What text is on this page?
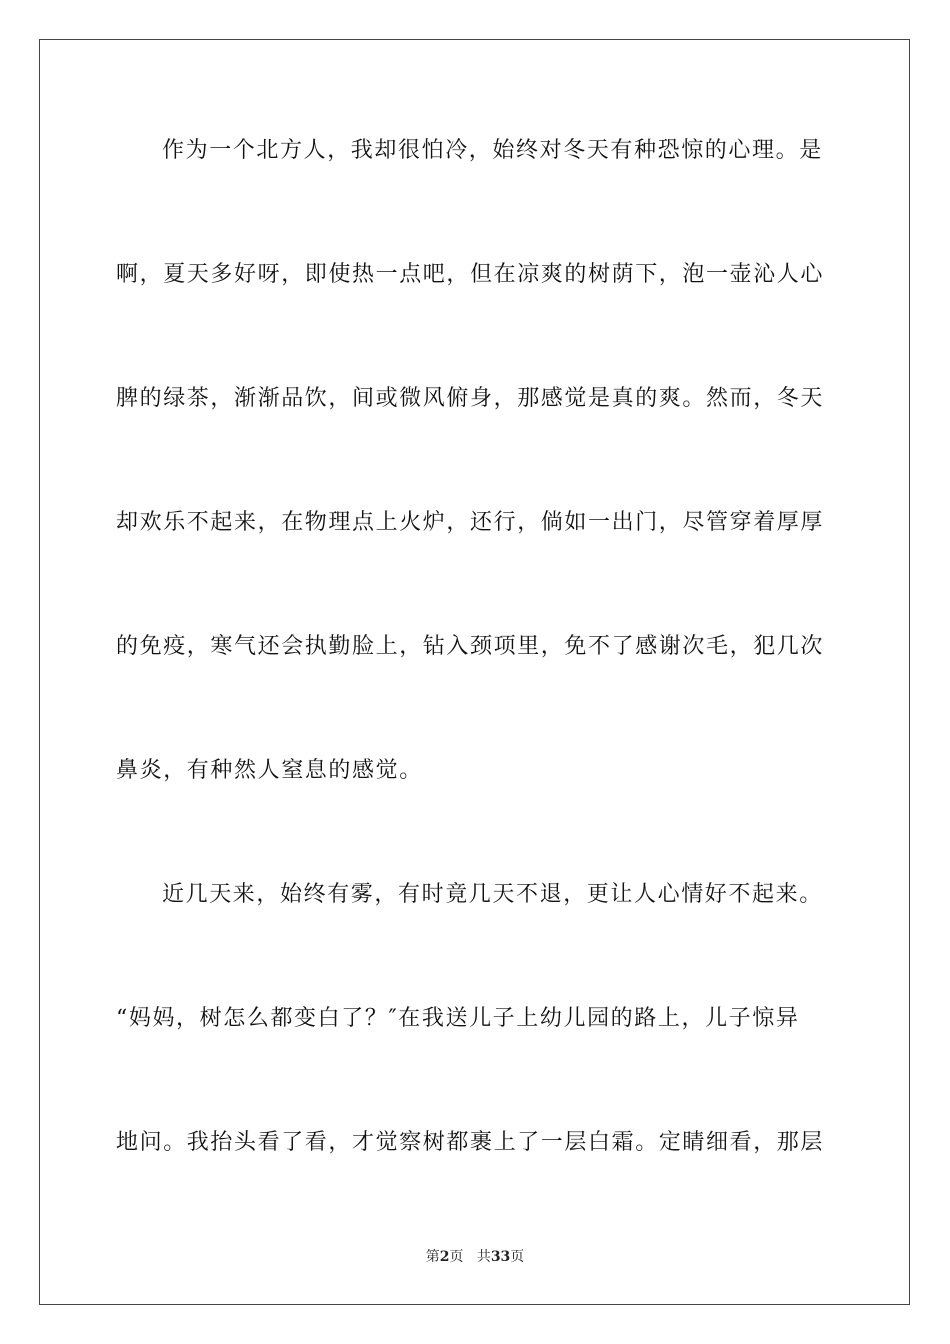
作为一个北方人，我却很怕冷，始终对冬天有种恐惊的心理。是
啊，夏天多好呀，即使热一点吧，但在凉爽的树荫下，泡一壶沁人心
脾的绿茶，渐渐品饮，间或微风俯身，那感觉是真的爽。然而，冬天
却欢乐不起来，在物理点上火炉，还行，倘如一出门，尽管穿着厚厚
的免疫，寒气还会执勤脸上，钻入颈项里，免不了感谢次毛，犯几次
鼻炎，有种然人窒息的感觉。
近几天来，始终有雾，有时竟几天不退，更让人心情好不起来。
“妈妈，树怎么都变白了？″在我送儿子上幼儿园的路上，儿子惊异
地问。我抬头看了看，才觉察树都裹上了一层白霜。定睛细看，那层
第2页 共33页
